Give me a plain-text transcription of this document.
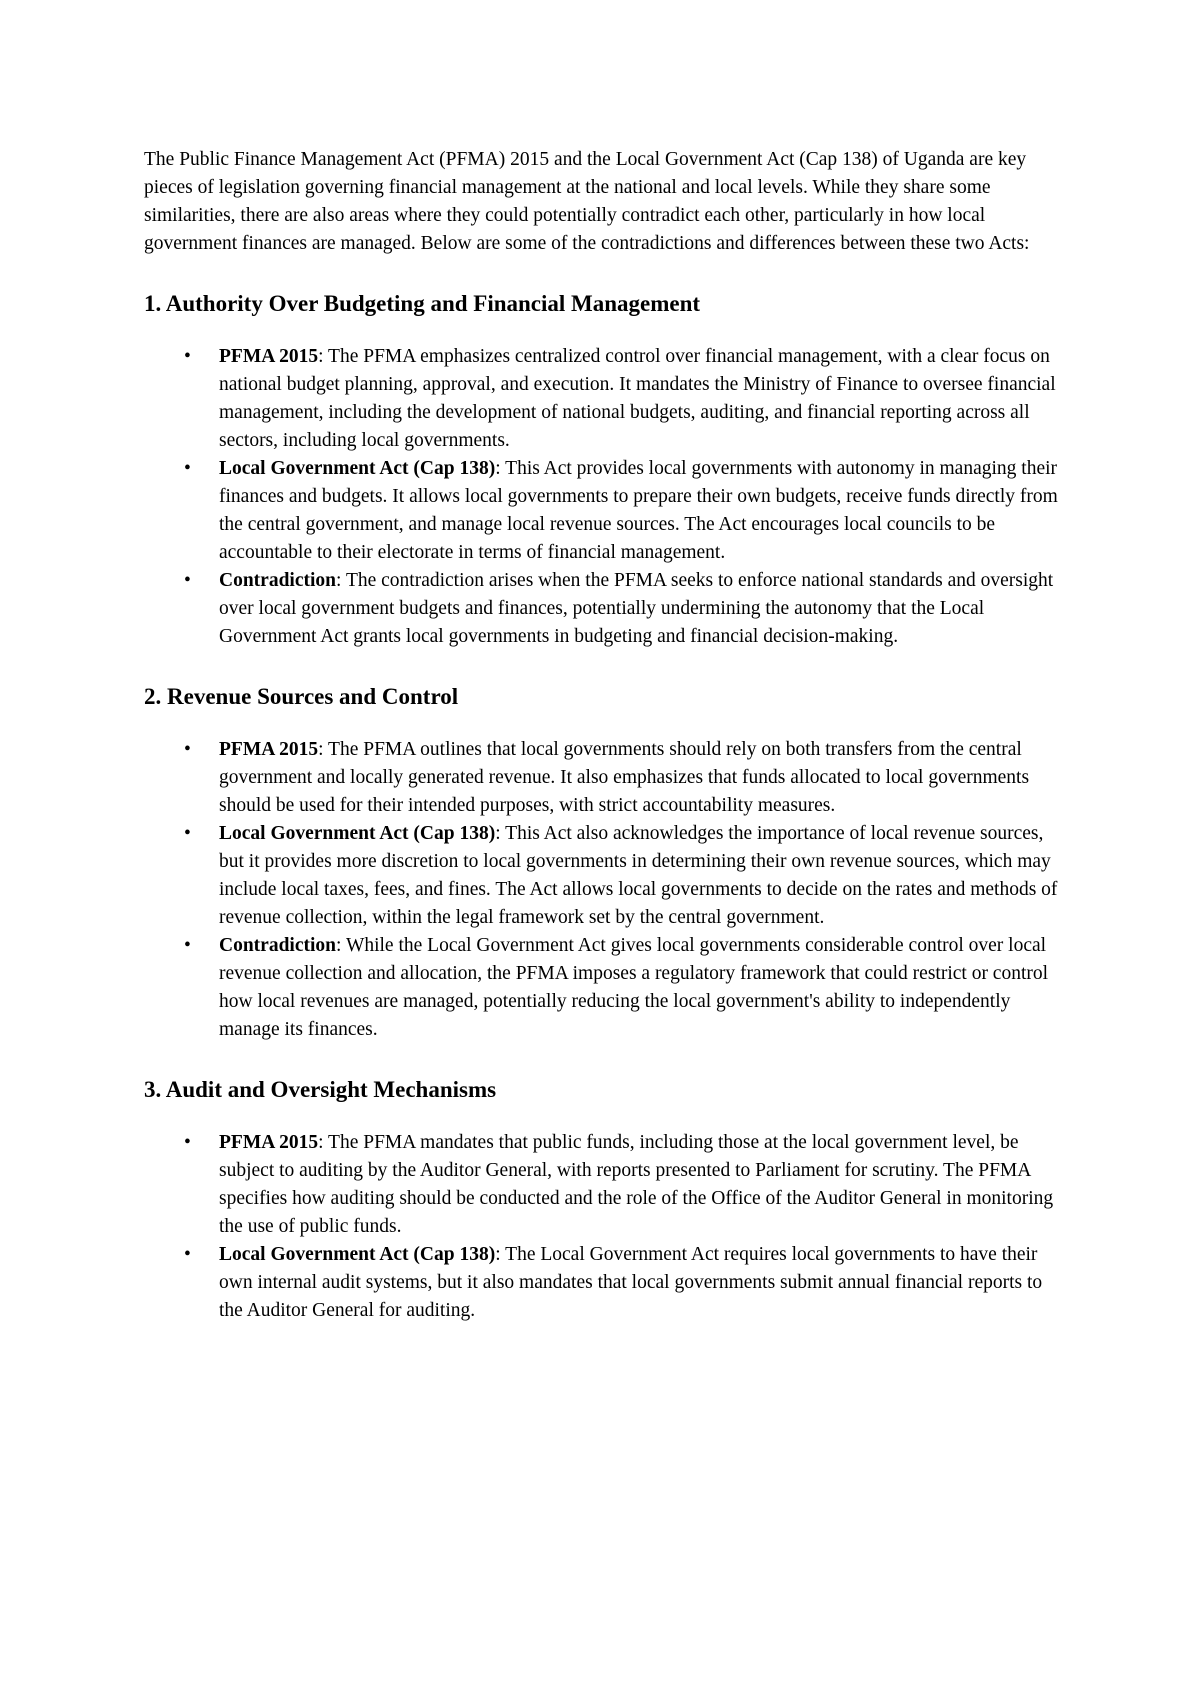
The Public Finance Management Act (PFMA) 2015 and the Local Government Act (Cap 138) of Uganda are key pieces of legislation governing financial management at the national and local levels. While they share some similarities, there are also areas where they could potentially contradict each other, particularly in how local government finances are managed. Below are some of the contradictions and differences between these two Acts:

1. Authority Over Budgeting and Financial Management
• PFMA 2015: The PFMA emphasizes centralized control over financial management, with a clear focus on national budget planning, approval, and execution. It mandates the Ministry of Finance to oversee financial management, including the development of national budgets, auditing, and financial reporting across all sectors, including local governments.
• Local Government Act (Cap 138): This Act provides local governments with autonomy in managing their finances and budgets. It allows local governments to prepare their own budgets, receive funds directly from the central government, and manage local revenue sources. The Act encourages local councils to be accountable to their electorate in terms of financial management.
• Contradiction: The contradiction arises when the PFMA seeks to enforce national standards and oversight over local government budgets and finances, potentially undermining the autonomy that the Local Government Act grants local governments in budgeting and financial decision-making.
2. Revenue Sources and Control
• PFMA 2015: The PFMA outlines that local governments should rely on both transfers from the central government and locally generated revenue. It also emphasizes that funds allocated to local governments should be used for their intended purposes, with strict accountability measures.
• Local Government Act (Cap 138): This Act also acknowledges the importance of local revenue sources, but it provides more discretion to local governments in determining their own revenue sources, which may include local taxes, fees, and fines. The Act allows local governments to decide on the rates and methods of revenue collection, within the legal framework set by the central government.
• Contradiction: While the Local Government Act gives local governments considerable control over local revenue collection and allocation, the PFMA imposes a regulatory framework that could restrict or control how local revenues are managed, potentially reducing the local government's ability to independently manage its finances.
3. Audit and Oversight Mechanisms
• PFMA 2015: The PFMA mandates that public funds, including those at the local government level, be subject to auditing by the Auditor General, with reports presented to Parliament for scrutiny. The PFMA specifies how auditing should be conducted and the role of the Office of the Auditor General in monitoring the use of public funds.
• Local Government Act (Cap 138): The Local Government Act requires local governments to have their own internal audit systems, but it also mandates that local governments submit annual financial reports to the Auditor General for auditing.
